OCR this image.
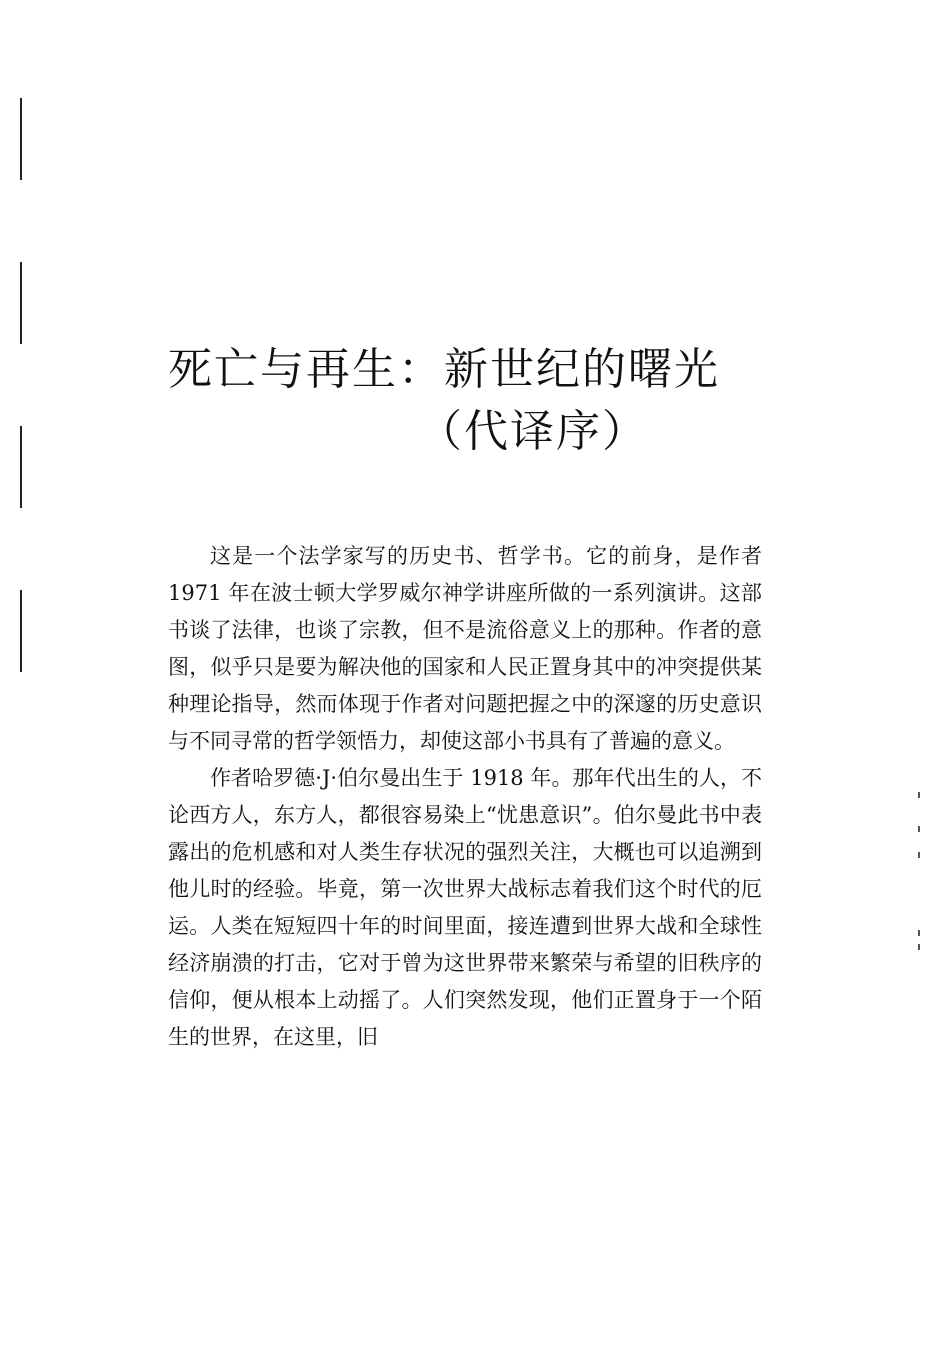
死亡与再生：新世纪的曙光
（代译序）

这是一个法学家写的历史书、哲学书。它的前身，是作者 1971 年在波士顿大学罗威尔神学讲座所做的一系列演讲。这部书谈了法律，也谈了宗教，但不是流俗意义上的那种。作者的意图，似乎只是要为解决他的国家和人民正置身其中的冲突提供某种理论指导，然而体现于作者对问题把握之中的深邃的历史意识与不同寻常的哲学领悟力，却使这部小书具有了普遍的意义。

作者哈罗德·J·伯尔曼出生于 1918 年。那年代出生的人，不论西方人，东方人，都很容易染上“忧患意识”。伯尔曼此书中表露出的危机感和对人类生存状况的强烈关注，大概也可以追溯到他儿时的经验。毕竟，第一次世界大战标志着我们这个时代的厄运。人类在短短四十年的时间里面，接连遭到世界大战和全球性经济崩溃的打击，它对于曾为这世界带来繁荣与希望的旧秩序的信仰，便从根本上动摇了。人们突然发现，他们正置身于一个陌生的世界，在这里，旧
